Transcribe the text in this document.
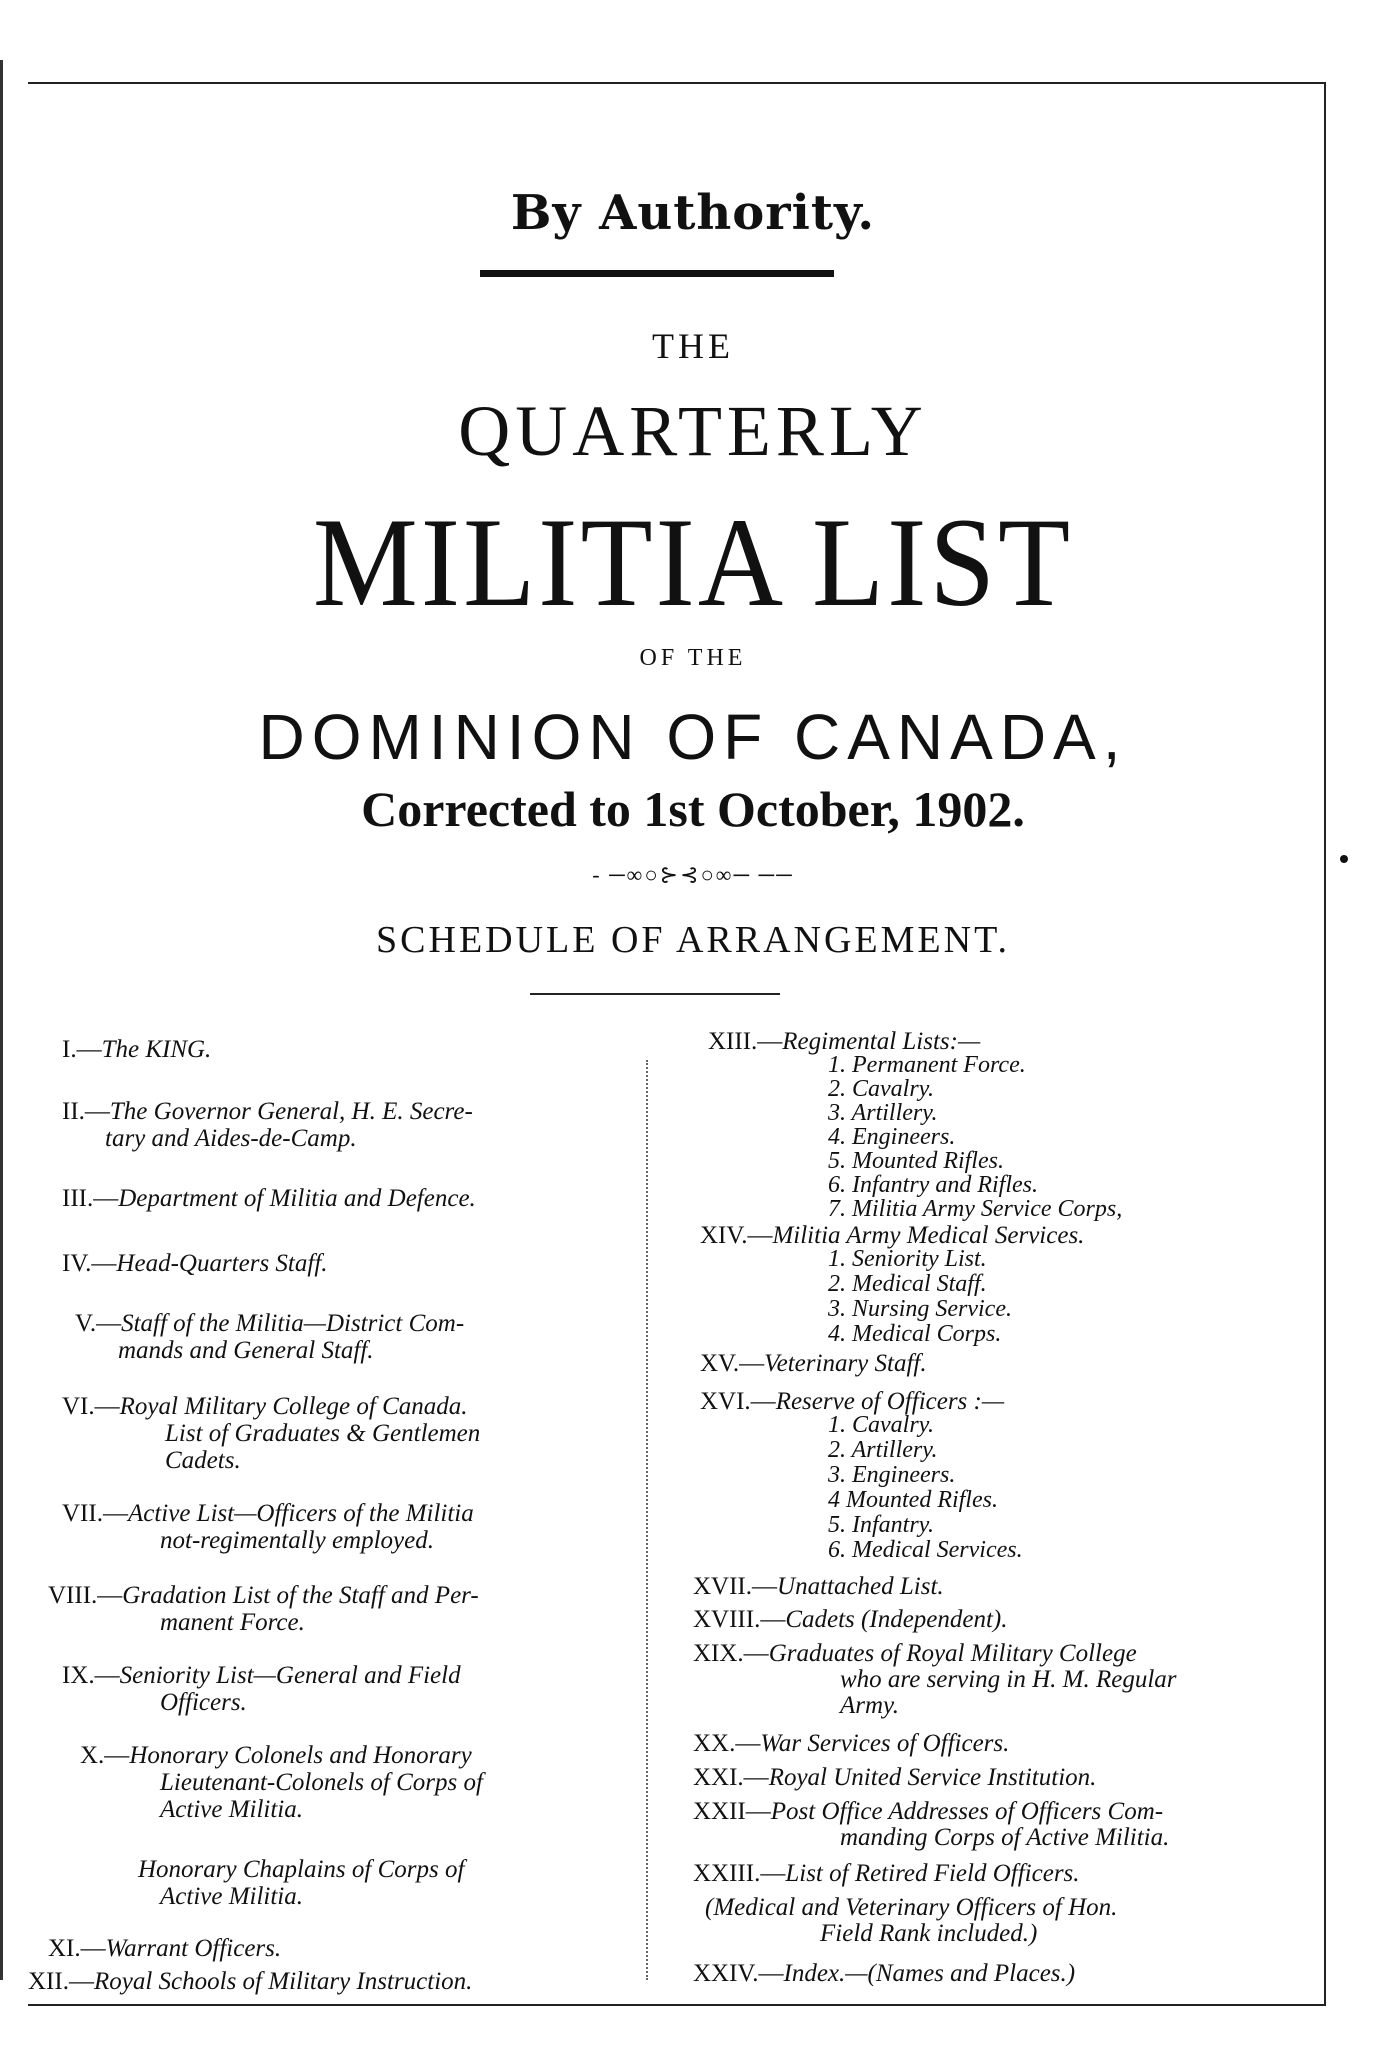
By Authority.
THE
QUARTERLY
MILITIA LIST
OF THE
DOMINION OF CANADA,
Corrected to 1st October, 1902.
- ─∞○⊱⊰○∞─ ──
SCHEDULE OF ARRANGEMENT.
I.—The KING.
II.—The Governor General, H. E. Secre-
tary and Aides-de-Camp.
III.—Department of Militia and Defence.
IV.—Head-Quarters Staff.
V.—Staff of the Militia—District Com-
mands and General Staff.
VI.—Royal Military College of Canada.
List of Graduates & Gentlemen
Cadets.
VII.—Active List—Officers of the Militia
not-regimentally employed.
VIII.—Gradation List of the Staff and Per-
manent Force.
IX.—Seniority List—General and Field
Officers.
X.—Honorary Colonels and Honorary
Lieutenant-Colonels of Corps of
Active Militia.
Honorary Chaplains of Corps of
Active Militia.
XI.—Warrant Officers.
XII.—Royal Schools of Military Instruction.
XIII.—Regimental Lists:—
1. Permanent Force.
2. Cavalry.
3. Artillery.
4. Engineers.
5. Mounted Rifles.
6. Infantry and Rifles.
7. Militia Army Service Corps,
XIV.—Militia Army Medical Services.
1. Seniority List.
2. Medical Staff.
3. Nursing Service.
4. Medical Corps.
XV.—Veterinary Staff.
XVI.—Reserve of Officers :—
1. Cavalry.
2. Artillery.
3. Engineers.
4 Mounted Rifles.
5. Infantry.
6. Medical Services.
XVII.—Unattached List.
XVIII.—Cadets (Independent).
XIX.—Graduates of Royal Military College
who are serving in H. M. Regular
Army.
XX.—War Services of Officers.
XXI.—Royal United Service Institution.
XXII—Post Office Addresses of Officers Com-
manding Corps of Active Militia.
XXIII.—List of Retired Field Officers.
(Medical and Veterinary Officers of Hon.
Field Rank included.)
XXIV.—Index.—(Names and Places.)
